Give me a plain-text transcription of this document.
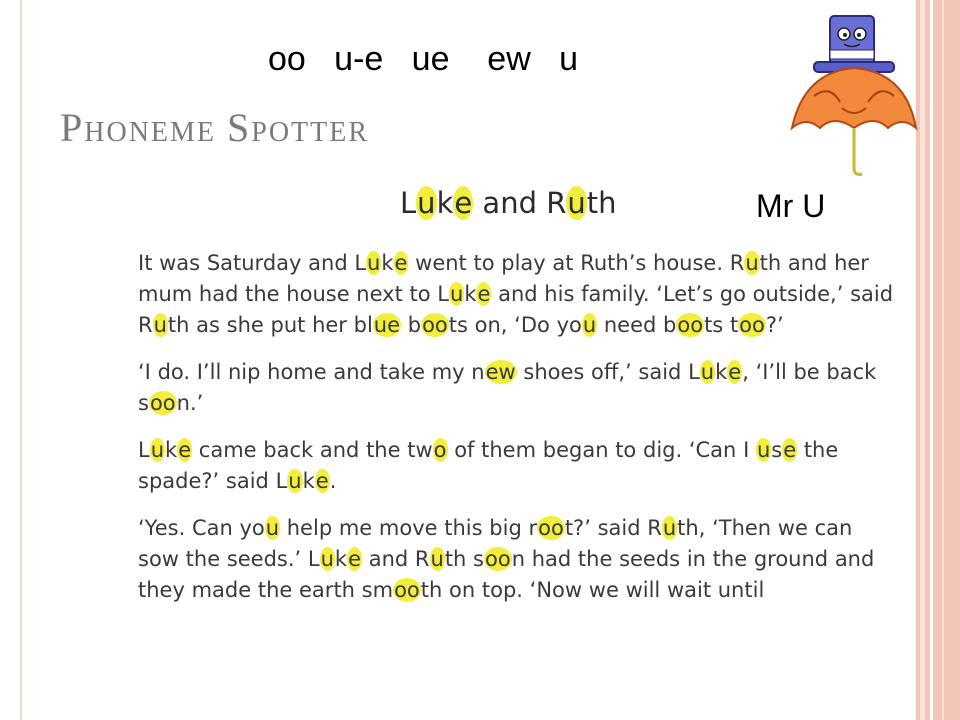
oo u-e ue ew u
PHONEME SPOTTER
Mr U
Luke and Ruth

It was Saturday and Luke went to play at Ruth’s house. Ruth and her mum had the house next to Luke and his family. ‘Let’s go outside,’ said Ruth as she put her blue boots on, ‘Do you need boots too?’

‘I do. I’ll nip home and take my new shoes off,’ said Luke, ‘I’ll be back soon.’

Luke came back and the two of them began to dig. ‘Can I use the spade?’ said Luke.

‘Yes. Can you help me move this big root?’ said Ruth, ‘Then we can sow the seeds.’ Luke and Ruth soon had the seeds in the ground and they made the earth smooth on top. ‘Now we will wait until
